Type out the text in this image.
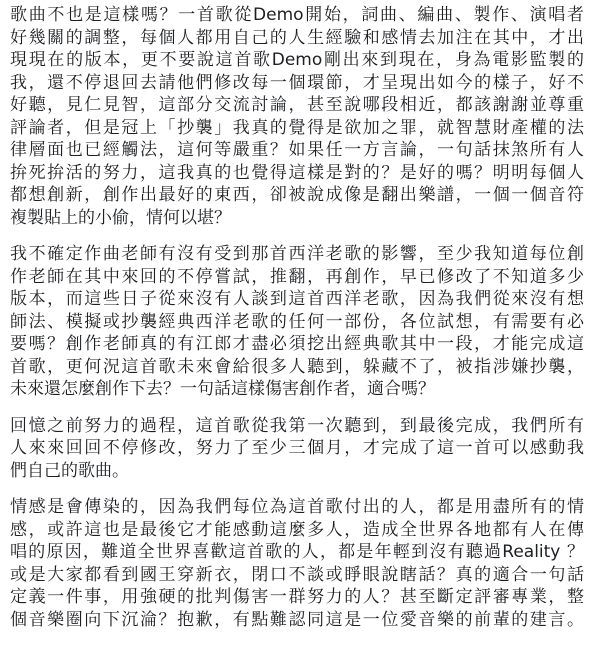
歌曲不也是這樣嗎？一首歌從Demo開始，詞曲、編曲、製作、演唱者
好幾關的調整，每個人都用自己的人生經驗和感情去加注在其中，才出
現現在的版本，更不要說這首歌Demo剛出來到現在，身為電影監製的
我，還不停退回去請他們修改每一個環節，才呈現出如今的樣子，好不
好聽，見仁見智，這部分交流討論，甚至說哪段相近，都該謝謝並尊重
評論者，但是冠上「抄襲」我真的覺得是欲加之罪，就智慧財產權的法
律層面也已經觸法，這何等嚴重？如果任一方言論，一句話抹煞所有人
拚死拚活的努力，這我真的也覺得這樣是對的？是好的嗎？明明每個人
都想創新，創作出最好的東西，卻被說成像是翻出樂譜，一個一個音符
複製貼上的小偷，情何以堪？
我不確定作曲老師有沒有受到那首西洋老歌的影響，至少我知道每位創
作老師在其中來回的不停嘗試，推翻，再創作，早已修改了不知道多少
版本，而這些日子從來沒有人談到這首西洋老歌，因為我們從來沒有想
師法、模擬或抄襲經典西洋老歌的任何一部份，各位試想，有需要有必
要嗎？創作老師真的有江郎才盡必須挖出經典歌其中一段，才能完成這
首歌，更何況這首歌未來會給很多人聽到，躲藏不了，被指涉嫌抄襲，
未來還怎麼創作下去？一句話這樣傷害創作者，適合嗎？
回憶之前努力的過程，這首歌從我第一次聽到，到最後完成，我們所有
人來來回回不停修改，努力了至少三個月，才完成了這一首可以感動我
們自己的歌曲。
情感是會傳染的，因為我們每位為這首歌付出的人，都是用盡所有的情
感，或許這也是最後它才能感動這麼多人，造成全世界各地都有人在傳
唱的原因，難道全世界喜歡這首歌的人，都是年輕到沒有聽過Reality ？
或是大家都看到國王穿新衣，閉口不談或睜眼說瞎話？真的適合一句話
定義一件事，用強硬的批判傷害一群努力的人？甚至斷定評審專業，整
個音樂圈向下沉淪？抱歉，有點難認同這是一位愛音樂的前輩的建言。
